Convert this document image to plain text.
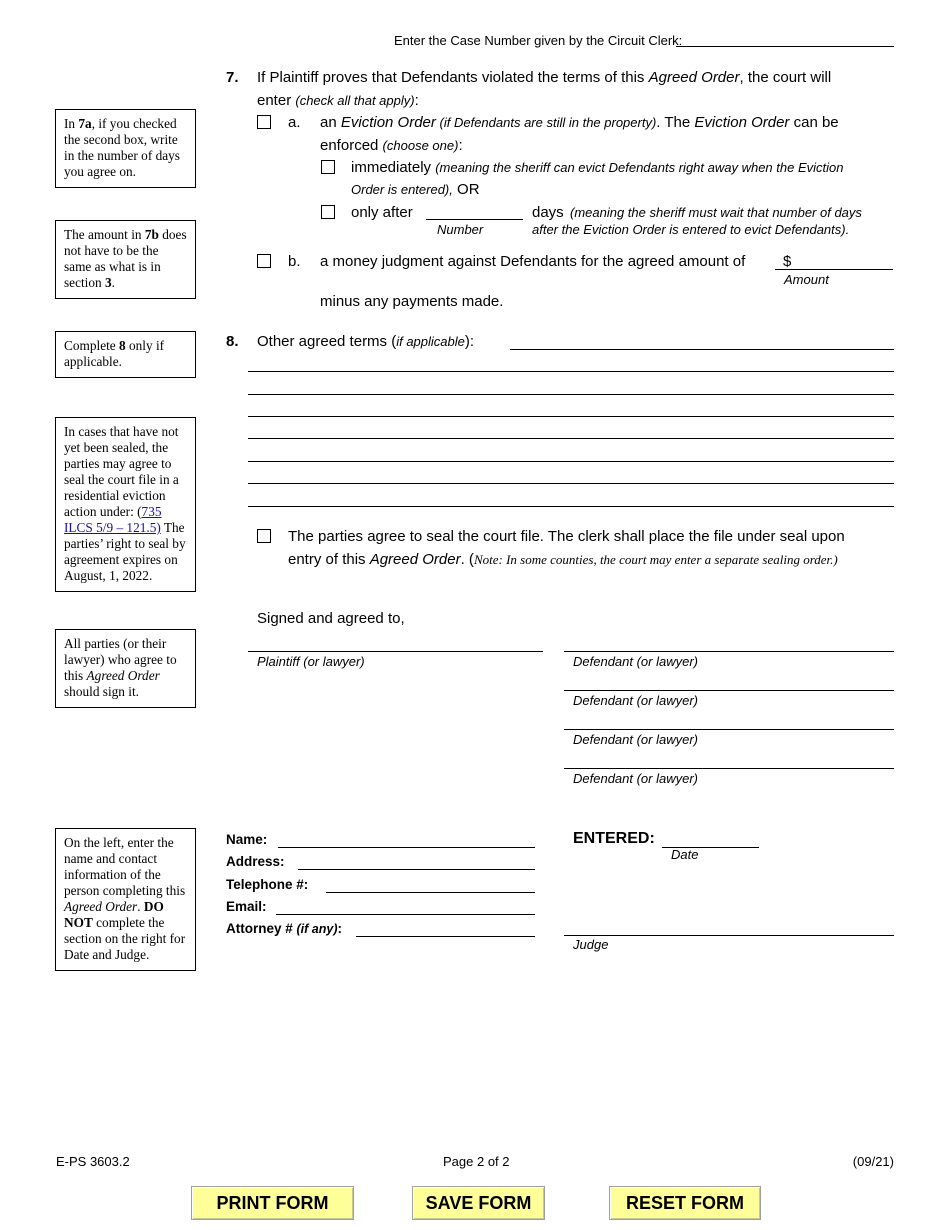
Enter the Case Number given by the Circuit Clerk:
In 7a, if you checked the second box, write in the number of days you agree on.
The amount in 7b does not have to be the same as what is in section 3.
Complete 8 only if applicable.
In cases that have not yet been sealed, the parties may agree to seal the court file in a residential eviction action under: (735 ILCS 5/9 – 121.5) The parties’ right to seal by agreement expires on August, 1, 2022.
All parties (or their lawyer) who agree to this Agreed Order should sign it.
On the left, enter the name and contact information of the person completing this Agreed Order. DO NOT complete the section on the right for Date and Judge.
7. If Plaintiff proves that Defendants violated the terms of this Agreed Order, the court will
enter (check all that apply):
a. an Eviction Order (if Defendants are still in the property). The Eviction Order can be
enforced (choose one):
immediately (meaning the sheriff can evict Defendants right away when the Eviction
Order is entered), OR
only after
Number
days (meaning the sheriff must wait that number of days
after the Eviction Order is entered to evict Defendants).
b. a money judgment against Defendants for the agreed amount of	$
Amount
minus any payments made.
8. Other agreed terms (if applicable):
The parties agree to seal the court file. The clerk shall place the file under seal upon
entry of this Agreed Order. (Note: In some counties, the court may enter a separate sealing order.)
Signed and agreed to,
Plaintiff (or lawyer)	Defendant (or lawyer)
Defendant (or lawyer)
Defendant (or lawyer)
Defendant (or lawyer)
Name:
Address:
Telephone #:
Email:
Attorney # (if any):
ENTERED:
Date
Judge
E-PS 3603.2	Page 2 of 2	(09/21)
PRINT FORM	SAVE FORM	RESET FORM
